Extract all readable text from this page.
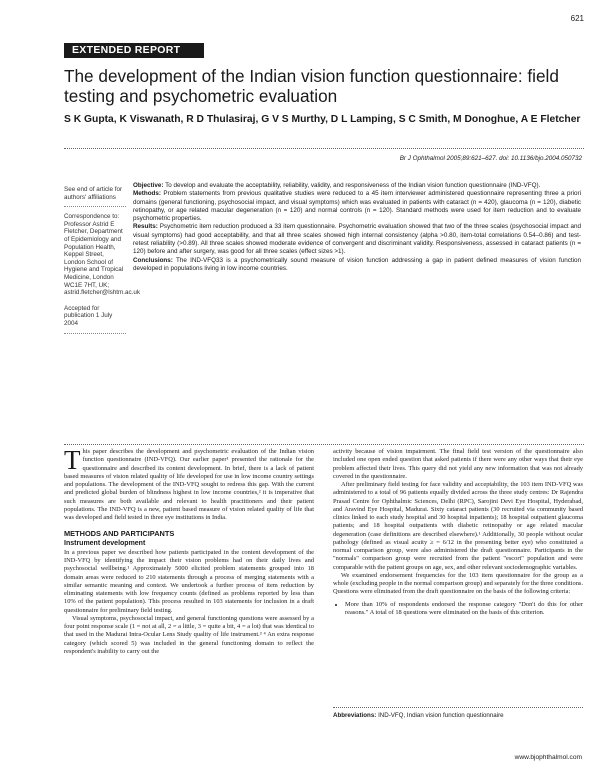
621
EXTENDED REPORT
The development of the Indian vision function questionnaire: field testing and psychometric evaluation
S K Gupta, K Viswanath, R D Thulasiraj, G V S Murthy, D L Lamping, S C Smith, M Donoghue, A E Fletcher
Br J Ophthalmol 2005;89:621–627. doi: 10.1136/bjo.2004.050732

See end of article for authors' affiliations

Correspondence to: Professor Astrid E Fletcher, Department of Epidemiology and Population Health, Keppel Street, London School of Hygiene and Tropical Medicine, London WC1E 7HT, UK; astrid.fletcher@lshtm.ac.uk

Accepted for publication 1 July 2004

Objective: To develop and evaluate the acceptability, reliability, validity, and responsiveness of the Indian vision function questionnaire (IND-VFQ).

Methods: Problem statements from previous qualitative studies were reduced to a 45 item interviewer administered questionnaire representing three a priori domains (general functioning, psychosocial impact, and visual symptoms) which was evaluated in patients with cataract (n = 420), glaucoma (n = 120), diabetic retinopathy, or age related macular degeneration (n = 120) and normal controls (n = 120). Standard methods were used for item reduction and to evaluate psychometric properties.

Results: Psychometric item reduction produced a 33 item questionnaire. Psychometric evaluation showed that two of the three scales (psychosocial impact and visual symptoms) had good acceptability, and that all three scales showed high internal consistency (alpha >0.80, item-total correlations 0.54–0.86) and test-retest reliability (>0.89). All three scales showed moderate evidence of convergent and discriminant validity. Responsiveness, assessed in cataract patients (n = 120) before and after surgery, was good for all three scales (effect sizes >1).

Conclusions: The IND-VFQ33 is a psychometrically sound measure of vision function addressing a gap in patient defined measures of vision function developed in populations living in low income countries.

This paper describes the development and psychometric evaluation of the Indian vision function questionnaire (IND-VFQ). Our earlier paper¹ presented the rationale for the questionnaire and described its content development. In brief, there is a lack of patient based measures of vision related quality of life developed for use in low income country settings and populations. The development of the IND-VFQ sought to redress this gap. With the current and predicted global burden of blindness highest in low income countries,² it is imperative that such measures are both available and relevant to health practitioners and their patient populations. The IND-VFQ is a new, patient based measure of vision related quality of life that was developed and field tested in three eye institutions in India.

METHODS AND PARTICIPANTS
Instrument development

In a previous paper we described how patients participated in the content development of the IND-VFQ by identifying the impact their vision problems had on their daily lives and psychosocial wellbeing.¹ Approximately 5000 elicited problem statements grouped into 18 domain areas were reduced to 210 statements through a process of merging statements with a similar semantic meaning and context. We undertook a further process of item reduction by eliminating statements with low frequency counts (defined as problems reported by less than 10% of the patient population). This process resulted in 103 statements for inclusion in a draft questionnaire for preliminary field testing.

Visual symptoms, psychosocial impact, and general functioning questions were assessed by a four point response scale (1 = not at all, 2 = a little, 3 = quite a bit, 4 = a lot) that was identical to that used in the Madurai Intra-Ocular Lens Study quality of life instrument.³ ⁴ An extra response category (which scored 5) was included in the general functioning domain to reflect the respondent's inability to carry out the

activity because of vision impairment. The final field test version of the questionnaire also included one open ended question that asked patients if there were any other ways that their eye problem affected their lives. This query did not yield any new information that was not already covered in the questionnaire.

After preliminary field testing for face validity and acceptability, the 103 item IND-VFQ was administered to a total of 96 patients equally divided across the three study centres: Dr Rajendra Prasad Centre for Ophthalmic Sciences, Delhi (RPC), Sarojini Devi Eye Hospital, Hyderabad, and Aravind Eye Hospital, Madurai. Sixty cataract patients (30 recruited via community based clinics linked to each study hospital and 30 hospital inpatients); 18 hospital outpatient glaucoma patients; and 18 hospital outpatients with diabetic retinopathy or age related macular degeneration (case definitions are described elsewhere).¹ Additionally, 30 people without ocular pathology (defined as visual acuity ≥ = 6/12 in the presenting better eye) who constituted a normal comparison group, were also administered the draft questionnaire. Participants in the "normals" comparison group were recruited from the patient "escort" population and were comparable with the patient groups on age, sex, and other relevant sociodemographic variables.

We examined endorsement frequencies for the 103 item questionnaire for the group as a whole (excluding people in the normal comparison group) and separately for the three conditions. Questions were eliminated from the draft questionnaire on the basis of the following criteria:

• More than 10% of respondents endorsed the response category "Don't do this for other reasons." A total of 18 questions were eliminated on the basis of this criterion.
Abbreviations: IND-VFQ, Indian vision function questionnaire
www.bjophthalmol.com
